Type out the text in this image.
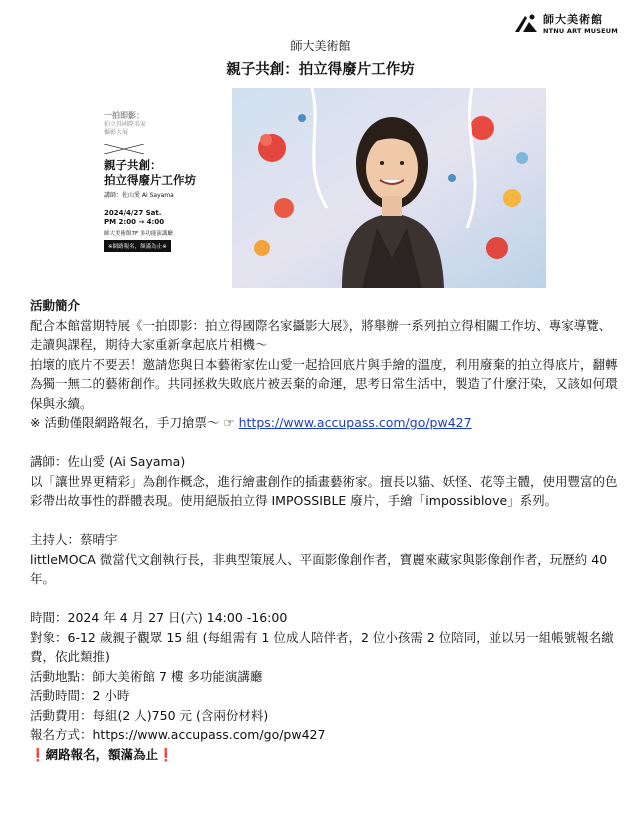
師大美術館
NTNU ART MUSEUM
師大美術館
親子共創：拍立得廢片工作坊
一拍即影：
拍立得國際名家
攝影大展
親子共創：
拍立得廢片工作坊
講師：佐山愛 Ai Sayama
2024/4/27 Sat.
PM 2:00 → 4:00
師大美術館7F 多功能演講廳
※網路報名，額滿為止※

活動簡介

配合本館當期特展《一拍即影：拍立得國際名家攝影大展》，將舉辦一系列拍立得相關工作坊、專家導覽、走讀與課程，期待大家重新拿起底片相機～

拍壞的底片不要丟！邀請您與日本藝術家佐山愛一起拾回底片與手繪的溫度，利用廢棄的拍立得底片，翻轉為獨一無二的藝術創作。共同拯救失敗底片被丟棄的命運，思考日常生活中，製造了什麼汙染，又該如何環保與永續。

※ 活動僅限網路報名，手刀搶票～ ☞ https://www.accupass.com/go/pw427

講師：佐山愛 (Ai Sayama)

以「讓世界更精彩」為創作概念，進行繪畫創作的插畫藝術家。擅長以貓、妖怪、花等主體，使用豐富的色彩帶出故事性的群體表現。使用絕版拍立得 IMPOSSIBLE 廢片，手繪「impossiblove」系列。

主持人：蔡晴宇

littleMOCA 微當代文創執行長，非典型策展人、平面影像創作者，寶麗來藏家與影像創作者，玩歷約 40 年。

時間：2024 年 4 月 27 日(六) 14:00 -16:00

對象：6-12 歲親子觀眾 15 組 (每組需有 1 位成人陪伴者，2 位小孩需 2 位陪同，並以另一組帳號報名繳費，依此類推)

活動地點：師大美術館 7 樓 多功能演講廳

活動時間：2 小時

活動費用：每組(2 人)750 元 (含兩份材料)

報名方式：https://www.accupass.com/go/pw427

❗網路報名，額滿為止❗
